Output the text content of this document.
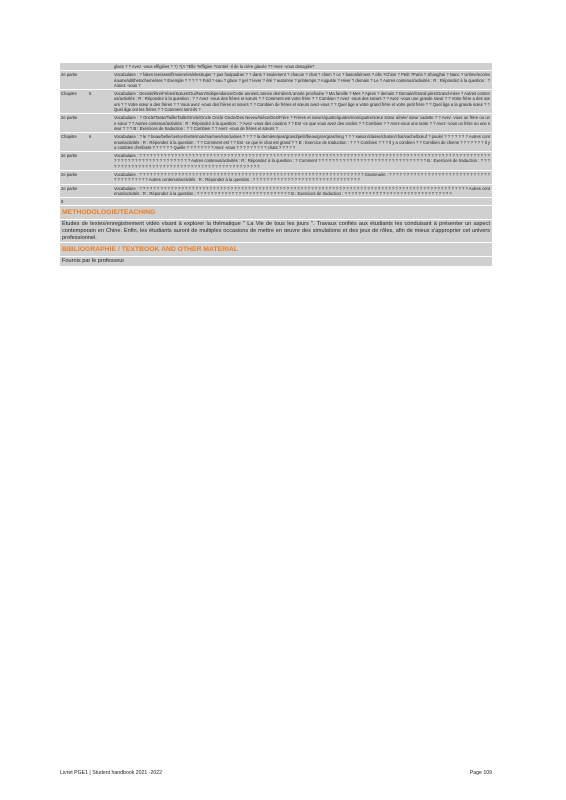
glace ? ? Avez -vous effigiées ? ?) ?(A ?Elle ?effigiee ?contiel -Il de la cière glacée ?? Avez -vous desogiés?
2e partie	Vocabulaire : ? fakes tee/ases/fimoiere/es/elesSuper ? pas foulpadran ? ? dans ? seulement ? chacun ? chat ? chien ? ce ? basonliément ? elle ?Chine ? Petit ?Paris ? Shanghai ? Nanc ? Urtime/ecolevéaume/ultilhetocheme/ses ? Exemple ? ? ? ? ? Fold ? eau ? glace ? gel ? lever ? été ? automne ? printemps ? Auguste ? Hiver ? demain ? Le ? Autres contenus/activités : R : Répondez à la question : ? Aimez -vous ?
Chapitre	5	Vocabulaire : Devrait/être/Frères/Sœurs/Oui/Non/Indépendance/Cette année/L'année dernière/L'année prochaine ? Ma famille ? Mes ? Apres ? demain ? Demain/Grand-père/Grand-mère ? Autres contenus/activités : R : Répondez à la question : ? ? Avez -vous des frères et sœurs ? ? Comment est votre frère ? ? Combien ? Avez -vous des sœurs ? ? Avez -vous une grande sœur ? ? Votre frère a des sœurs ? ? Votre sœur a des frères ? ? Vous avez -vous des frères et sœurs ? ? Combien de frères et sœurs avez-vous ? ? Quel âge a votre grand frère et votre petit frère ? ? Quel âge a la grande sœur ? ? Quel âge ont les frères ? ? Comment sont-ils ?
2e partie	Vocabulaire : ? Oncle/Tante/Taille/Taille/Oncle/Oncle Oncle Oncle/Des Neveu/Nièce/Des/Frère ? Frères et sœurs/quatre/quatre/mon/quatre/sœur Sœur aînée/ sœur cadette ? ? Avez -vous un frère ou une sœur ? ? Autres contenus/activités : R : Répondez à la question : ? Avez -vous des cousins ? ? Est -ce que vous avez des oncles ? ? Combien ? ? Avez-vous une tante ? ? Avez -vous un frère ou une sœur ? ? ? B : Exercices de traduction : ? ? Combien ? ? Avez -vous de frères et sœurs ?
Chapitre	6	Vocabulaire : ? le ? beau/belle/ces/cet/cette/mon/ma/mes/son/sa/ses ? ? ? ? la dernière/pas/grand/petit/beau/gros/gras/long ? ? ? saison/classe/chaton/chat/vache/bœuf ? poule/ ? ? ? ? ? ? ? Autres contenus/activités : R : Répondez à la question : ? ? Comment est ? ? Est -ce que le chat est grand ? ? B : Exercice de traduction : ? ? ? Combien ? ? ? Il y a combien ? ? Combien de chiens ? ? ? ? ? ? ? Il y a combien d'enfants ? ? ? ? ? ? Quelle ? ? ? ? ? ? ? ? Avez -vous ? ? ? ? ? ? ? ? ? chats ? ? ? ? ?
2e partie	Vocabulaire : ? ? ? ? ? ? ? ? ? ? ? ? ? ? ? ? ? ? ? ? ? ? ? ? ? ? ? ? ? ? ? ? ? ? ? ? ? ? ? ? ? ? ? ? ? ? ? ? ? ? ? ? ? ? ? ? ? ? ? ? ? ? ? ? ? ? ? ? ? ? ? ? ? ? ? ? ? ? ? ? ? ? ? ? ? ? ? ? ? ? ? ? ? ? ? ? ? ? ? ? ? ? ? ? ? ? ? ? ? ? ? ? ? ? ? ? ? ? ? ? ? ? Autres contenus/activités : R : Répondez à la question : ? Comment ? ? ? ? ? ? ? ? ? ? ? ? ? ? ? ? ? ? ? ? ? ? ? ? ? ? ? ? ? ? ? B : Exercices de traduction : ? ? ? ? ? ? ? ? ? ? ? ? ? ? ? ? ? ? ? ? ? ? ? ? ? ? ? ? ? ? ? ? ? ? ? ? ? ? ? ? ? ? ? ? ?
2e partie	Vocabulaire : ? ? ? ? ? ? ? ? ? ? ? ? ? ? ? ? ? ? ? ? ? ? ? ? ? ? ? ? ? ? ? ? ? ? ? ? ? ? ? ? ? ? ? ? ? ? ? ? ? ? ? ? ? ? ? ? ? ? ? ? ? ? ? ? Grammaire : ? ? ? ? ? ? ? ? ? ? ? ? ? ? ? ? ? ? ? ? ? ? ? ? ? ? ? ? ? ? ? ? ? ? ? ? ? ? ? Autres contenus/activités : R : Répondez à la question : ? ? ? ? ? ? ? ? ? ? ? ? ? ? ? ? ? ? ? ? ? ? ? ? ? ? ? ? ? ? ?
2e partie	Vocabulaire : ? ? ? ? ? ? ? ? ? ? ? ? ? ? ? ? ? ? ? ? ? ? ? ? ? ? ? ? ? ? ? ? ? ? ? ? ? ? ? ? ? ? ? ? ? ? ? ? ? ? ? ? ? ? ? ? ? ? ? ? ? ? ? ? ? ? ? ? ? ? ? ? ? ? ? ? ? ? ? ? ? ? ? ? ? ? ? ? ? ? ? ? ? ? Autres contenus/activités : R : Répondez à la question : ? ? ? ? ? ? ? ? ? ? ? ? ? ? ? ? ? ? ? ? ? ? ? ? ? ? ? B : Exercices de traduction : ? ? ? ? ? ? ? ? ? ? ? ? ? ? ? ? ? ? ? ? ? ? ? ? ? ? ? ? ? ? ?
6
METHODOLOGIE/TEACHING
Études de textes/enregistrement vidéo visant à explorer la thématique " La Vie de tous les jours ". Travaux confiés aux étudiants les conduisant à présenter un aspect contemporain en Chine. Enfin, les étudiants auront de multiples occasions de mettre en œuvre des simulations et des jeux de rôles, afin de mieux s'approprier cet univers professionnel.
BIBLIOGRAPHIE / TEXTBOOK AND OTHER MATERIAL
Fournis par le professeur
Livret PGE1 | Student handbook 2021 -2022	Page 109
